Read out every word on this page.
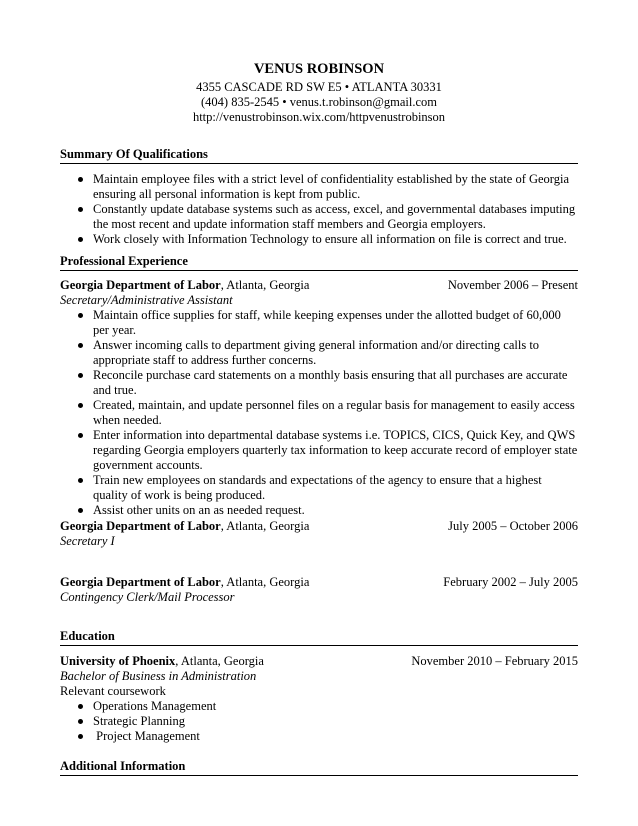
VENUS ROBINSON
4355 CASCADE RD SW E5 • ATLANTA 30331
(404) 835-2545 • venus.t.robinson@gmail.com
http://venustrobinson.wix.com/httpvenustrobinson
Summary Of Qualifications
Maintain employee files with a strict level of confidentiality established by the state of Georgia ensuring all personal information is kept from public.
Constantly update database systems such as access, excel, and governmental databases imputing the most recent and update information staff members and Georgia employers.
Work closely with Information Technology to ensure all information on file is correct and true.
Professional Experience
Georgia Department of Labor, Atlanta, Georgia	November 2006 – Present
Secretary/Administrative Assistant
Maintain office supplies for staff, while keeping expenses under the allotted budget of 60,000 per year.
Answer incoming calls to department giving general information and/or directing calls to appropriate staff to address further concerns.
Reconcile purchase card statements on a monthly basis ensuring that all purchases are accurate and true.
Created, maintain, and update personnel files on a regular basis for management to easily access when needed.
Enter information into departmental database systems i.e. TOPICS, CICS, Quick Key, and QWS regarding Georgia employers quarterly tax information to keep accurate record of employer state government accounts.
Train new employees on standards and expectations of the agency to ensure that a highest quality of work is being produced.
Assist other units on an as needed request.
Georgia Department of Labor, Atlanta, Georgia	July 2005 – October 2006
Secretary I
Georgia Department of Labor, Atlanta, Georgia	February 2002 – July 2005
Contingency Clerk/Mail Processor
Education
University of Phoenix, Atlanta, Georgia	November 2010 – February 2015
Bachelor of Business in Administration
Relevant coursework
Operations Management
Strategic Planning
Project Management
Additional Information
